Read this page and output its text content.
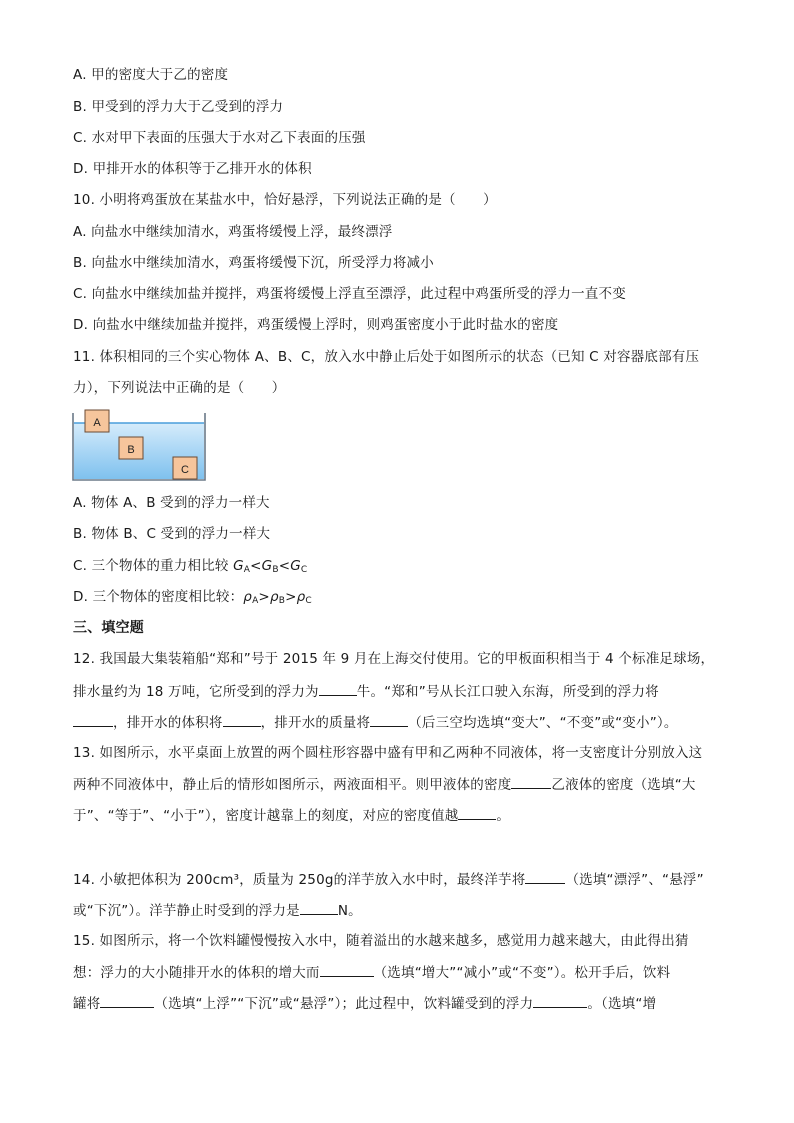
A. 甲的密度大于乙的密度
B. 甲受到的浮力大于乙受到的浮力
C. 水对甲下表面的压强大于水对乙下表面的压强
D. 甲排开水的体积等于乙排开水的体积
10. 小明将鸡蛋放在某盐水中，恰好悬浮，下列说法正确的是（　　）
A. 向盐水中继续加清水，鸡蛋将缓慢上浮，最终漂浮
B. 向盐水中继续加清水，鸡蛋将缓慢下沉，所受浮力将减小
C. 向盐水中继续加盐并搅拌，鸡蛋将缓慢上浮直至漂浮，此过程中鸡蛋所受的浮力一直不变
D. 向盐水中继续加盐并搅拌，鸡蛋缓慢上浮时，则鸡蛋密度小于此时盐水的密度
11. 体积相同的三个实心物体 A、B、C，放入水中静止后处于如图所示的状态（已知 C 对容器底部有压
力），下列说法中正确的是（　　）
A
B
C
A. 物体 A、B 受到的浮力一样大
B. 物体 B、C 受到的浮力一样大
C. 三个物体的重力相比较 $G_A<G_B<G_C$
D. 三个物体的密度相比较：$\rho_A>\rho_B>\rho_C$
三、填空题
12. 我国最大集装箱船“郑和”号于 2015 年 9 月在上海交付使用。它的甲板面积相当于 4 个标准足球场，
排水量约为 18 万吨，它所受到的浮力为	牛。“郑和”号从长江口驶入东海，所受到的浮力将
，排开水的体积将	，排开水的质量将	（后三空均选填“变大”、“不变”或“变小”）。
13. 如图所示，水平桌面上放置的两个圆柱形容器中盛有甲和乙两种不同液体，将一支密度计分别放入这
两种不同液体中，静止后的情形如图所示，两液面相平。则甲液体的密度	乙液体的密度（选填“大
于”、“等于”、“小于”），密度计越靠上的刻度，对应的密度值越	。
14. 小敏把体积为 200cm³，质量为 250g的洋芋放入水中时，最终洋芋将	（选填“漂浮”、“悬浮”
或“下沉”）。洋芋静止时受到的浮力是	N。
15. 如图所示，将一个饮料罐慢慢按入水中，随着溢出的水越来越多，感觉用力越来越大，由此得出猜
想：浮力的大小随排开水的体积的增大而	（选填“增大”“减小”或“不变”）。松开手后，饮料
罐将	（选填“上浮”“下沉”或“悬浮”）；此过程中，饮料罐受到的浮力	。（选填“增
